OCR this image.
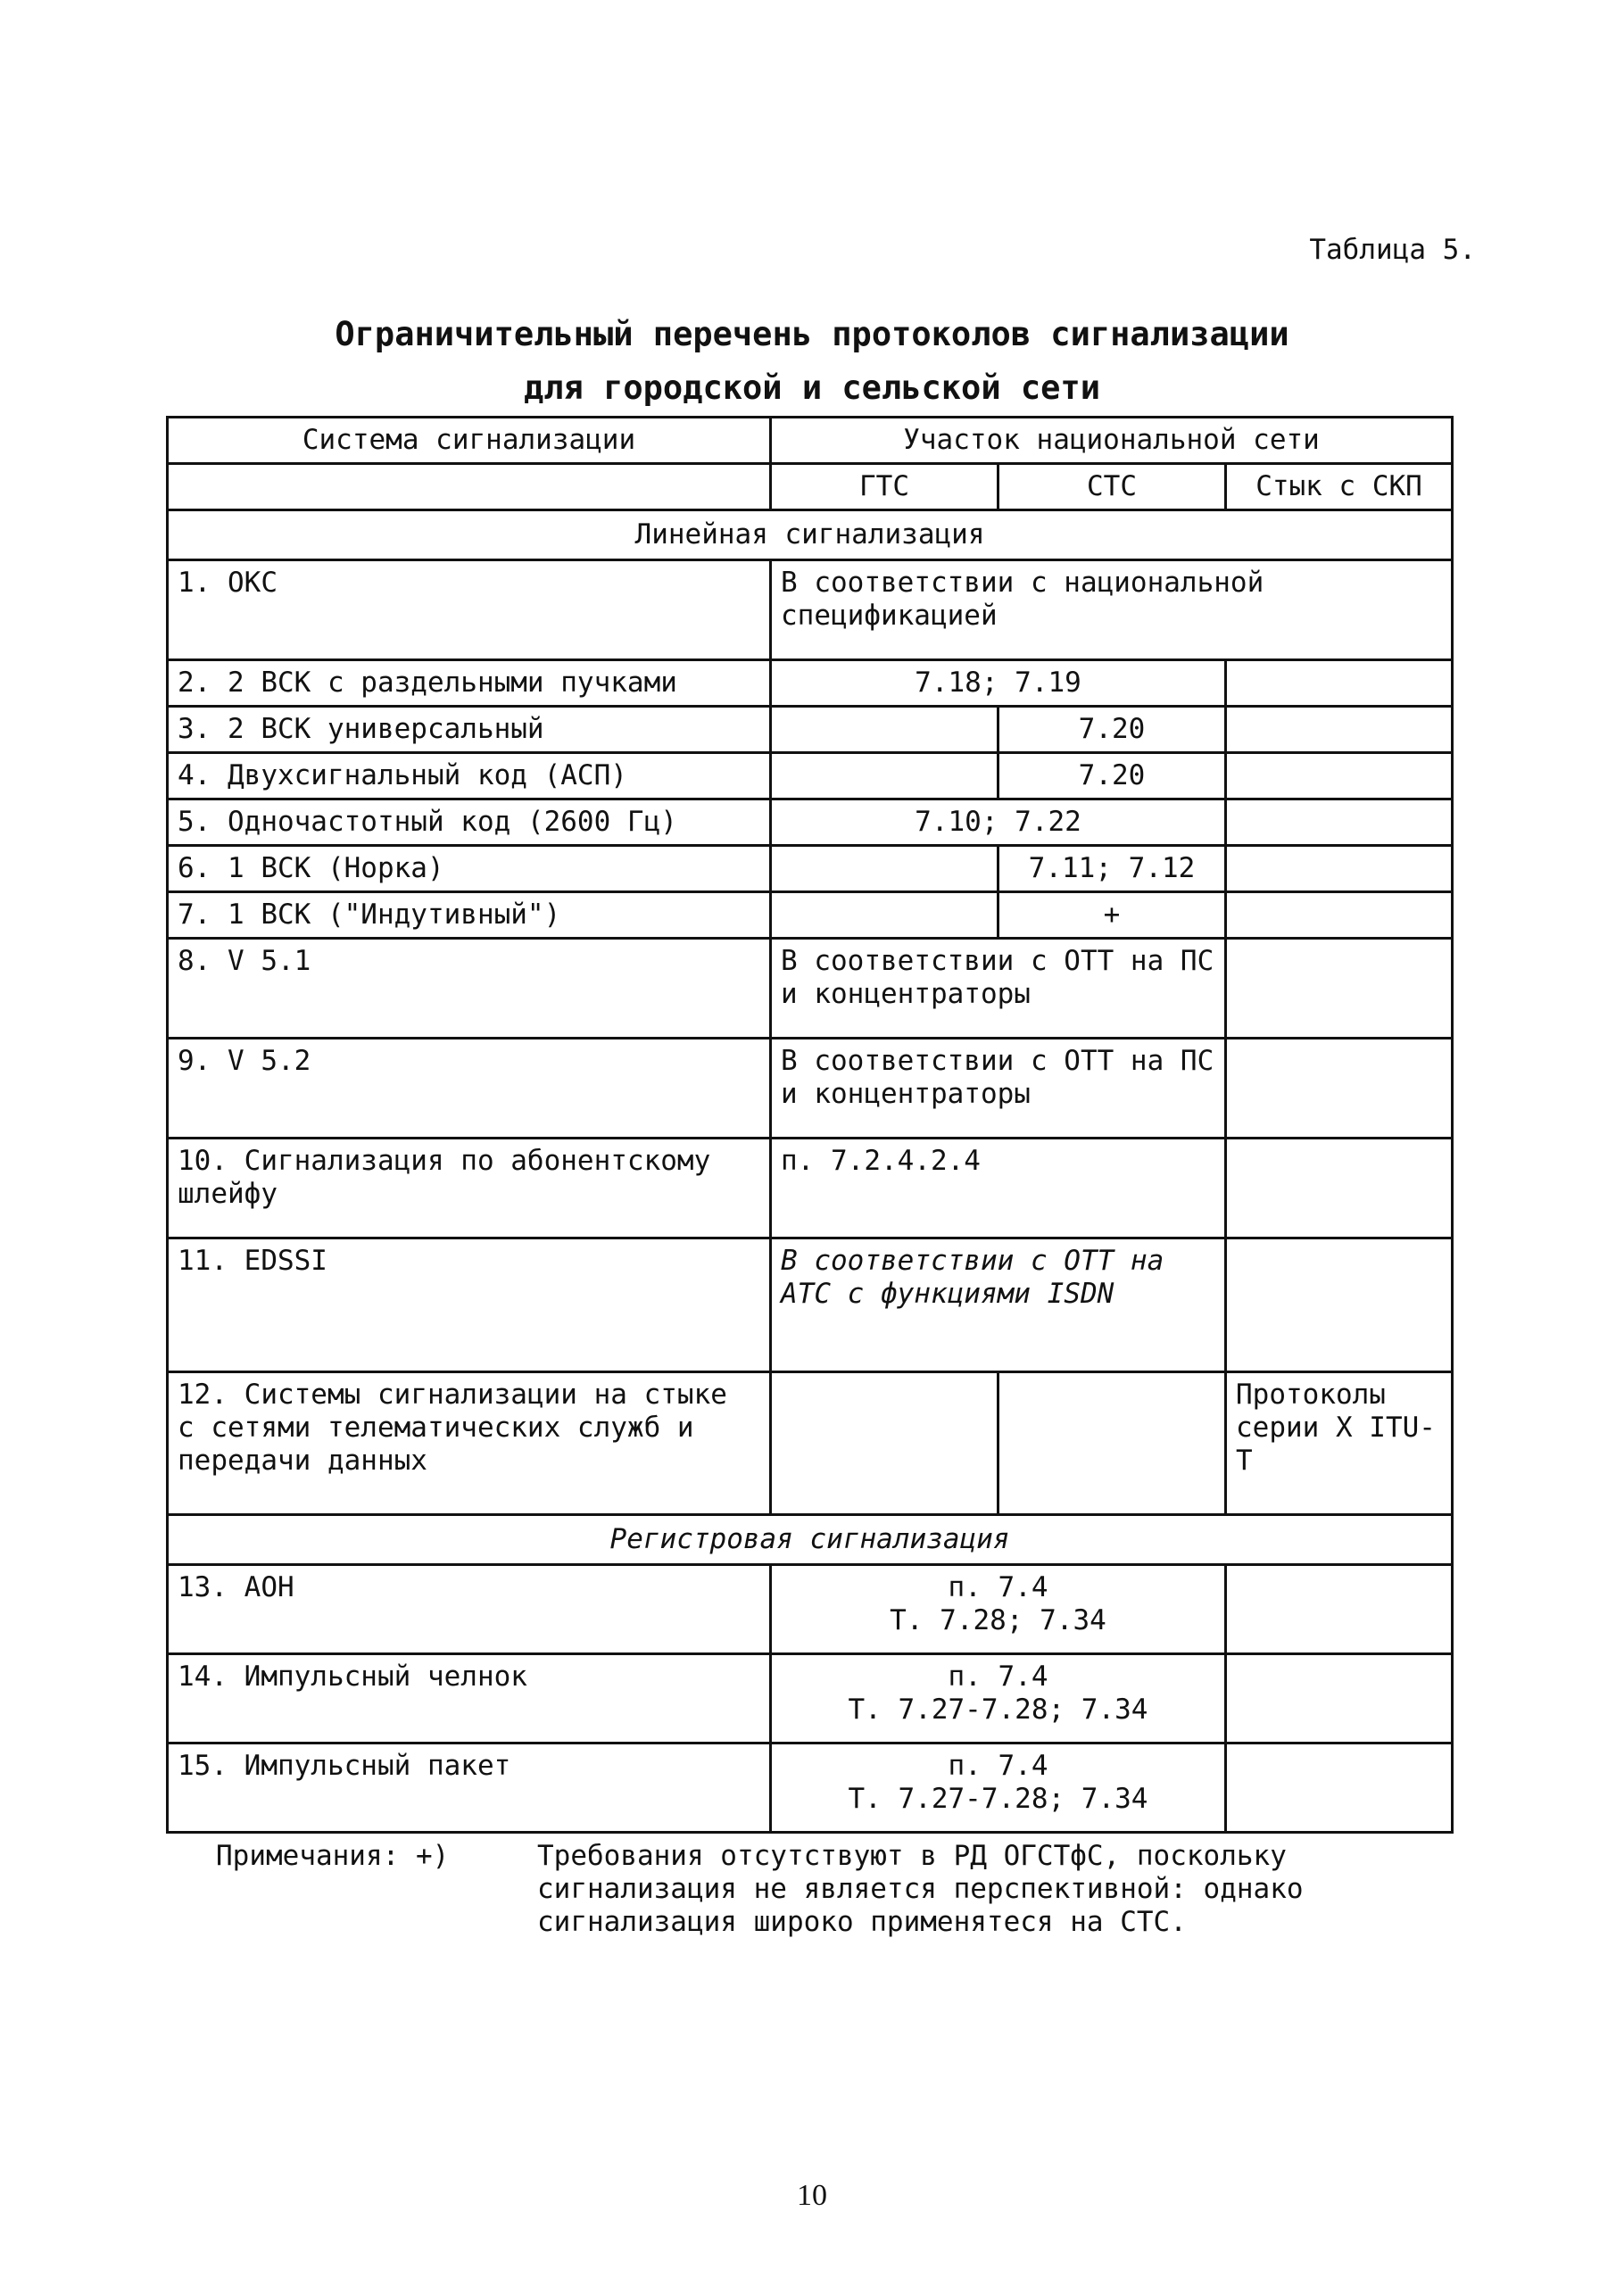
Таблица 5.
Ограничительный перечень протоколов сигнализации
для городской и сельской сети
Система сигнализации	Участок национальной сети		
	ГТС	СТС	Стык с СКП
Линейная сигнализация			
1. ОКС	В соответствии с национальной спецификацией		
2. 2 ВСК с раздельными пучками	7.18; 7.19		
3. 2 ВСК универсальный		7.20	
4. Двухсигнальный код (АСП)		7.20	
5. Одночастотный код (2600 Гц)	7.10; 7.22		
6. 1 ВСК (Норка)		7.11; 7.12	
7. 1 ВСК ("Индутивный")		+	
8. V 5.1	В соответствии с ОТТ на ПС и концентраторы		
9. V 5.2	В соответствии с ОТТ на ПС и концентраторы		
10. Сигнализация по абонентскому шлейфу	п. 7.2.4.2.4		
11. EDSSI	В соответствии с ОТТ на АТС с функциями ISDN		
12. Системы сигнализации на стыке с сетями телематических служб и передачи данных			Протоколы серии X ITU-T
Регистровая сигнализация			
13. АОН	п. 7.4
Т. 7.28; 7.34		

14. Импульсный челнок	п. 7.4
Т. 7.27-7.28; 7.34		

15. Импульсный пакет	п. 7.4
Т. 7.27-7.28; 7.34		

Примечания: +)	Требования отсутствуют в РД ОГСТфС, поскольку
сигнализация не является перспективной: однако
сигнализация широко применятеся на СТС.
10
